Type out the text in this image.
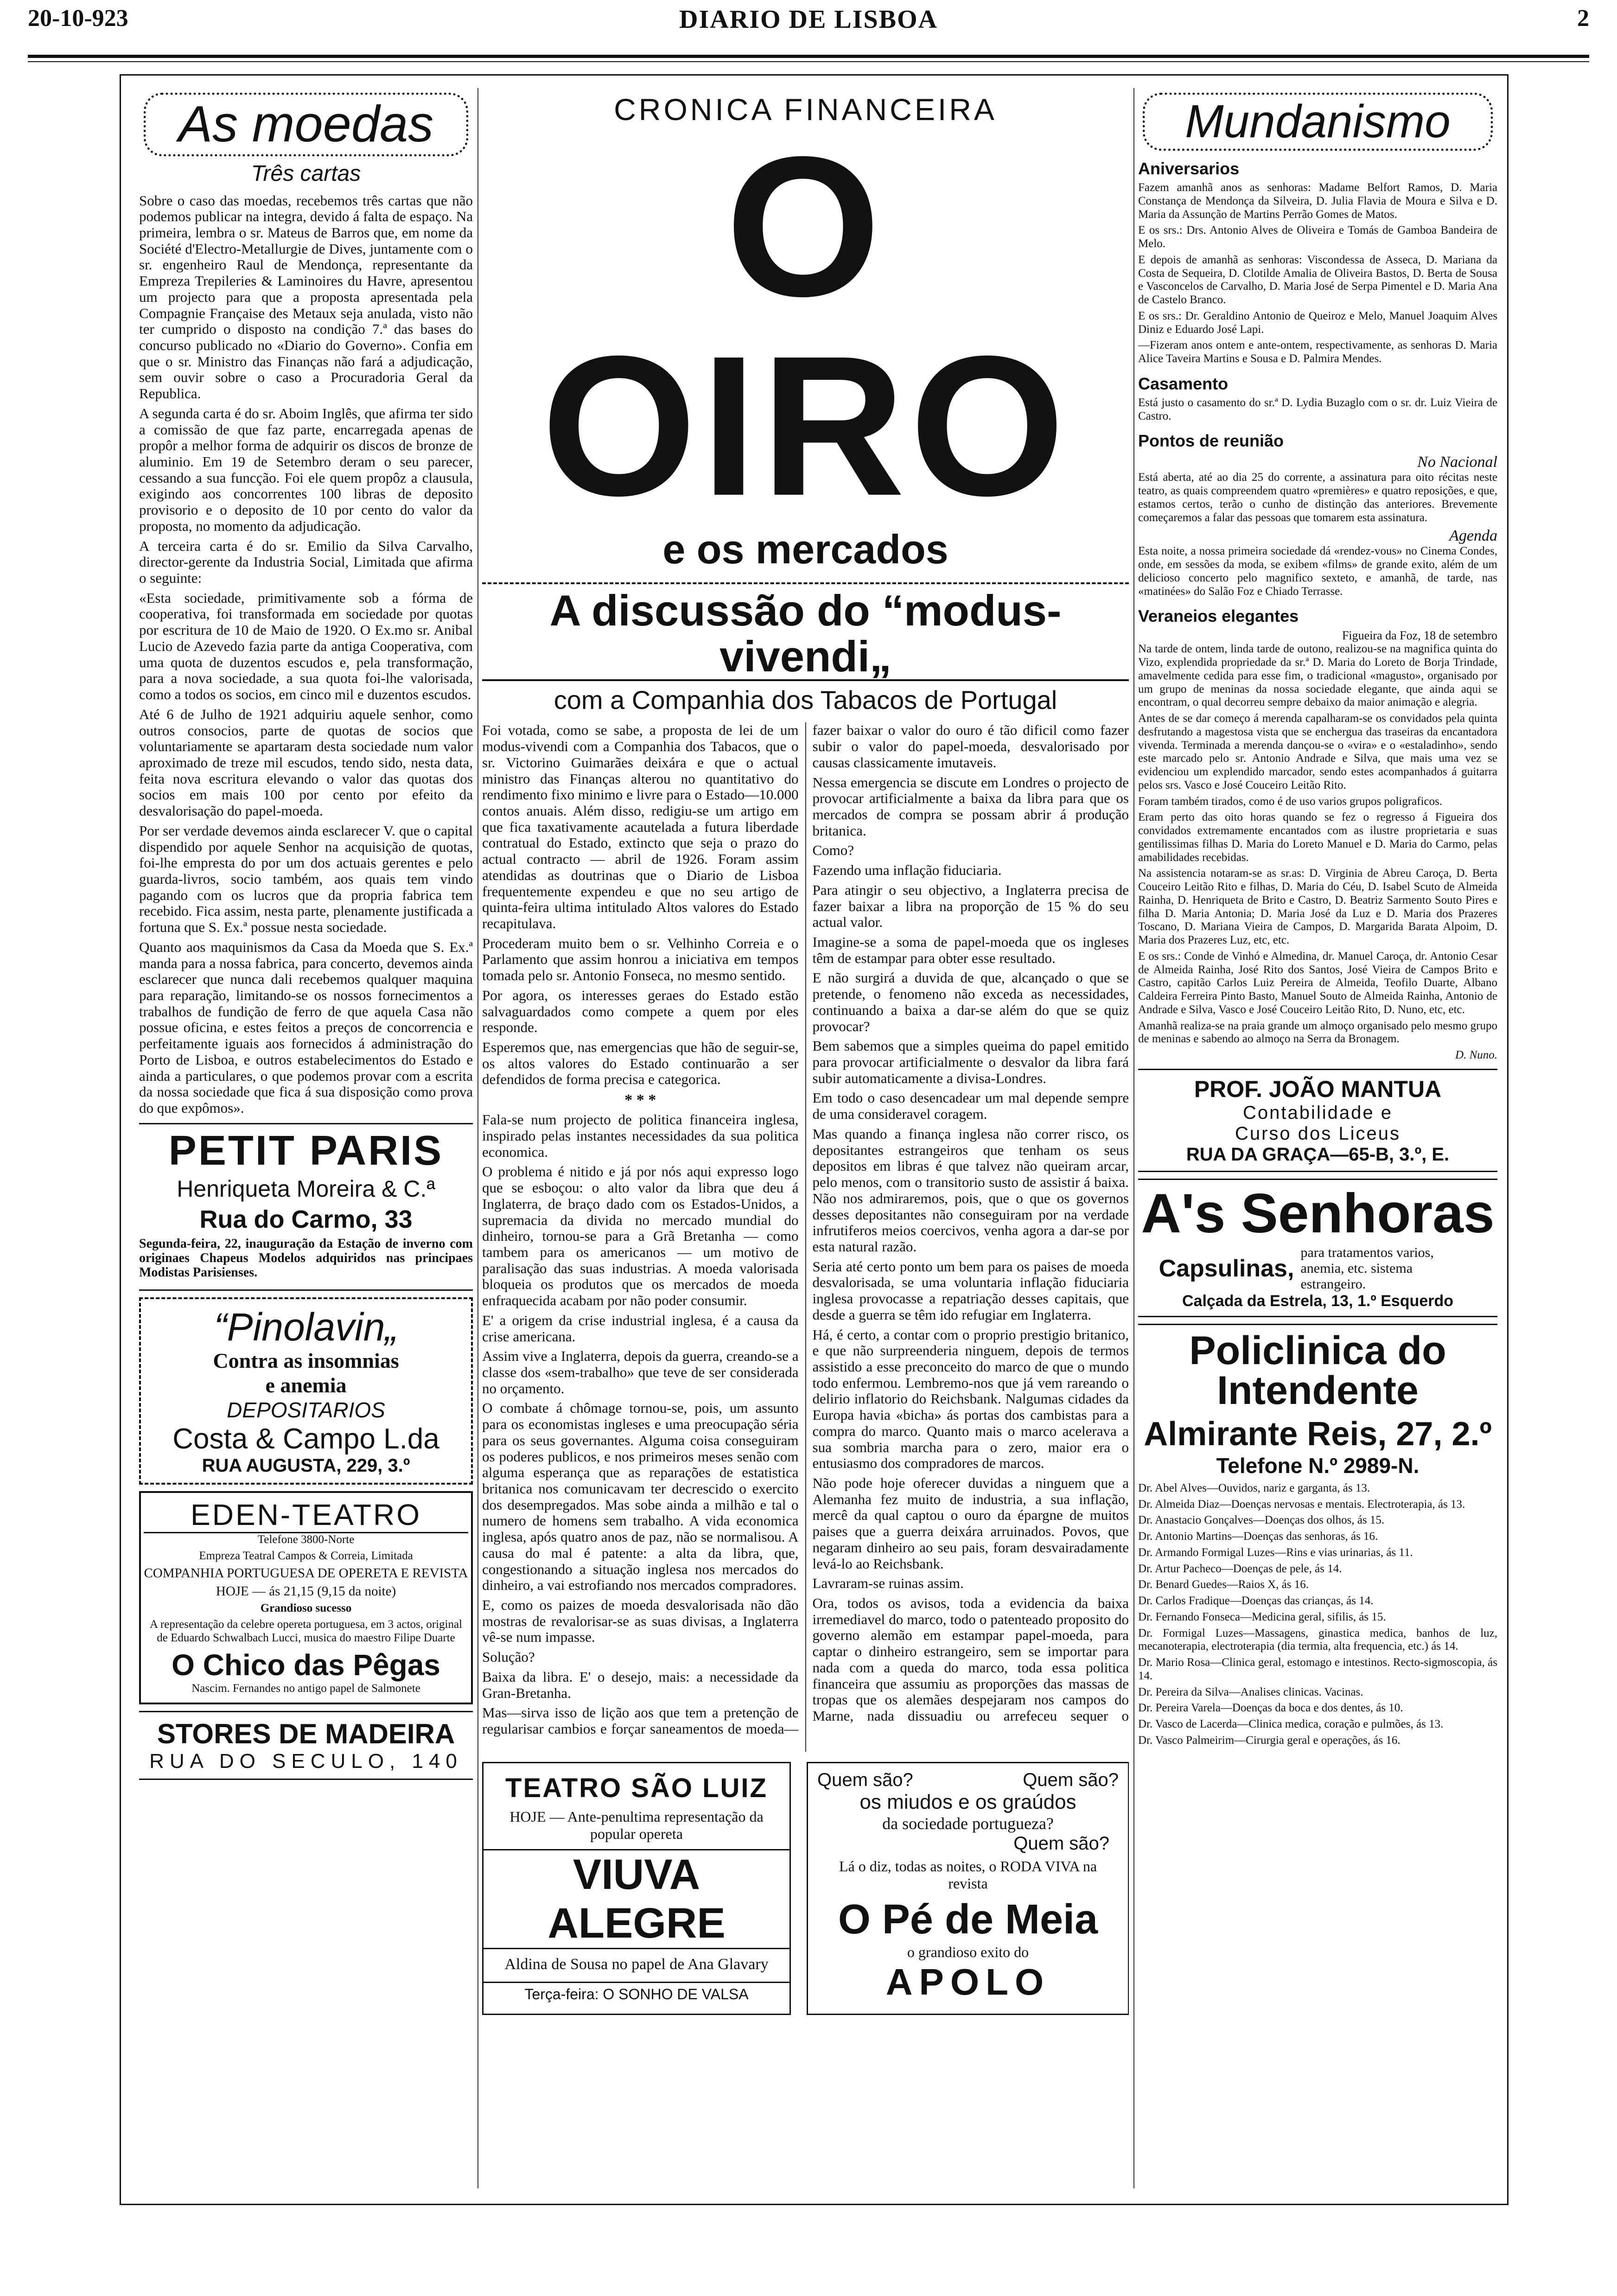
20-10-923	DIARIO DE LISBOA	2
As moedas
Três cartas

Sobre o caso das moedas, recebemos três cartas que não podemos publicar na integra, devido á falta de espaço. Na primeira, lembra o sr. Mateus de Barros que, em nome da Société d'Electro-Metallurgie de Dives, juntamente com o sr. engenheiro Raul de Mendonça, representante da Empreza Trepileries & Laminoires du Havre, apresentou um projecto para que a proposta apresentada pela Compagnie Française des Metaux seja anulada, visto não ter cumprido o disposto na condição 7.ª das bases do concurso publicado no «Diario do Governo». Confia em que o sr. Ministro das Finanças não fará a adjudicação, sem ouvir sobre o caso a Procuradoria Geral da Republica.

A segunda carta é do sr. Aboim Inglês, que afirma ter sido a comissão de que faz parte, encarregada apenas de propôr a melhor forma de adquirir os discos de bronze de aluminio. Em 19 de Setembro deram o seu parecer, cessando a sua funcção. Foi ele quem propôz a clausula, exigindo aos concorrentes 100 libras de deposito provisorio e o deposito de 10 por cento do valor da proposta, no momento da adjudicação.

A terceira carta é do sr. Emilio da Silva Carvalho, director-gerente da Industria Social, Limitada que afirma o seguinte:

«Esta sociedade, primitivamente sob a fórma de cooperativa, foi transformada em sociedade por quotas por escritura de 10 de Maio de 1920. O Ex.mo sr. Anibal Lucio de Azevedo fazia parte da antiga Cooperativa, com uma quota de duzentos escudos e, pela transformação, para a nova sociedade, a sua quota foi-lhe valorisada, como a todos os socios, em cinco mil e duzentos escudos.

Até 6 de Julho de 1921 adquiriu aquele senhor, como outros consocios, parte de quotas de socios que voluntariamente se apartaram desta sociedade num valor aproximado de treze mil escudos, tendo sido, nesta data, feita nova escritura elevando o valor das quotas dos socios em mais 100 por cento por efeito da desvalorisação do papel-moeda.

Por ser verdade devemos ainda esclarecer V. que o capital dispendido por aquele Senhor na acquisição de quotas, foi-lhe empresta do por um dos actuais gerentes e pelo guarda-livros, socio também, aos quais tem vindo pagando com os lucros que da propria fabrica tem recebido. Fica assim, nesta parte, plenamente justificada a fortuna que S. Ex.ª possue nesta sociedade.

Quanto aos maquinismos da Casa da Moeda que S. Ex.ª manda para a nossa fabrica, para concerto, devemos ainda esclarecer que nunca dali recebemos qualquer maquina para reparação, limitando-se os nossos fornecimentos a trabalhos de fundição de ferro de que aquela Casa não possue oficina, e estes feitos a preços de concorrencia e perfeitamente iguais aos fornecidos á administração do Porto de Lisboa, e outros estabelecimentos do Estado e ainda a particulares, o que podemos provar com a escrita da nossa sociedade que fica á sua disposição como prova do que expômos».

PETIT PARIS
Henriqueta Moreira & C.ª
Rua do Carmo, 33
Segunda-feira, 22, inauguração da Estação de inverno com originaes Chapeus Modelos adquiridos nas principaes Modistas Parisienses.
“Pinolavin„
Contra as insomnias
e anemia
DEPOSITARIOS
Costa & Campo L.da
RUA AUGUSTA, 229, 3.º
EDEN-TEATRO
Telefone 3800-Norte
Empreza Teatral Campos & Correia, Limitada
COMPANHIA PORTUGUESA DE OPERETA E REVISTA
HOJE — ás 21,15 (9,15 da noite)
Grandioso sucesso
A representação da celebre opereta portuguesa, em 3 actos, original de Eduardo Schwalbach Lucci, musica do maestro Filipe Duarte
O Chico das Pêgas
Nascim. Fernandes no antigo papel de Salmonete
STORES DE MADEIRA
RUA DO SECULO, 140
CRONICA FINANCEIRA
O OIRO
e os mercados
A discussão do “modus-vivendi„
com a Companhia dos Tabacos de Portugal

Foi votada, como se sabe, a proposta de lei de um modus-vivendi com a Companhia dos Tabacos, que o sr. Victorino Guimarães deixára e que o actual ministro das Finanças alterou no quantitativo do rendimento fixo minimo e livre para o Estado—10.000 contos anuais. Além disso, redigiu-se um artigo em que fica taxativamente acautelada a futura liberdade contratual do Estado, extincto que seja o prazo do actual contracto — abril de 1926. Foram assim atendidas as doutrinas que o Diario de Lisboa frequentemente expendeu e que no seu artigo de quinta-feira ultima intitulado Altos valores do Estado recapitulava.

Procederam muito bem o sr. Velhinho Correia e o Parlamento que assim honrou a iniciativa em tempos tomada pelo sr. Antonio Fonseca, no mesmo sentido.

Por agora, os interesses geraes do Estado estão salvaguardados como compete a quem por eles responde.

Esperemos que, nas emergencias que hão de seguir-se, os altos valores do Estado continuarão a ser defendidos de forma precisa e categorica.

* * *

Fala-se num projecto de politica financeira inglesa, inspirado pelas instantes necessidades da sua politica economica.

O problema é nitido e já por nós aqui expresso logo que se esboçou: o alto valor da libra que deu á Inglaterra, de braço dado com os Estados-Unidos, a supremacia da divida no mercado mundial do dinheiro, tornou-se para a Grã Bretanha — como tambem para os americanos — um motivo de paralisação das suas industrias. A moeda valorisada bloqueia os produtos que os mercados de moeda enfraquecida acabam por não poder consumir.

E' a origem da crise industrial inglesa, é a causa da crise americana.

Assim vive a Inglaterra, depois da guerra, creando-se a classe dos «sem-trabalho» que teve de ser considerada no orçamento.

O combate á chômage tornou-se, pois, um assunto para os economistas ingleses e uma preocupação séria para os seus governantes. Alguma coisa conseguiram os poderes publicos, e nos primeiros meses senão com alguma esperança que as reparações de estatistica britanica nos comunicavam ter decrescido o exercito dos desempregados. Mas sobe ainda a milhão e tal o numero de homens sem trabalho. A vida economica inglesa, após quatro anos de paz, não se normalisou. A causa do mal é patente: a alta da libra, que, congestionando a situação inglesa nos mercados do dinheiro, a vai estrofiando nos mercados compradores.

E, como os paizes de moeda desvalorisada não dão mostras de revalorisar-se as suas divisas, a Inglaterra vê-se num impasse.

Solução?

Baixa da libra. E' o desejo, mais: a necessidade da Gran-Bretanha.

Mas—sirva isso de lição aos que tem a pretenção de regularisar cambios e forçar saneamentos de moeda—fazer baixar o valor do ouro é tão dificil como fazer subir o valor do papel-moeda, desvalorisado por causas classicamente imutaveis.

Nessa emergencia se discute em Londres o projecto de provocar artificialmente a baixa da libra para que os mercados de compra se possam abrir á produção britanica.

Como?

Fazendo uma inflação fiduciaria.

Para atingir o seu objectivo, a Inglaterra precisa de fazer baixar a libra na proporção de 15 % do seu actual valor.

Imagine-se a soma de papel-moeda que os ingleses têm de estampar para obter esse resultado.

E não surgirá a duvida de que, alcançado o que se pretende, o fenomeno não exceda as necessidades, continuando a baixa a dar-se além do que se quiz provocar?

Bem sabemos que a simples queima do papel emitido para provocar artificialmente o desvalor da libra fará subir automaticamente a divisa-Londres.

Em todo o caso desencadear um mal depende sempre de uma consideravel coragem.

Mas quando a finança inglesa não correr risco, os depositantes estrangeiros que tenham os seus depositos em libras é que talvez não queiram arcar, pelo menos, com o transitorio susto de assistir á baixa. Não nos admiraremos, pois, que o que os governos desses depositantes não conseguiram por na verdade infrutiferos meios coercivos, venha agora a dar-se por esta natural razão.

Seria até certo ponto um bem para os paises de moeda desvalorisada, se uma voluntaria inflação fiduciaria inglesa provocasse a repatriação desses capitais, que desde a guerra se têm ido refugiar em Inglaterra.

Há, é certo, a contar com o proprio prestigio britanico, e que não surpreenderia ninguem, depois de termos assistido a esse preconceito do marco de que o mundo todo enfermou. Lembremo-nos que já vem rareando o delirio inflatorio do Reichsbank. Nalgumas cidades da Europa havia «bicha» ás portas dos cambistas para a compra do marco. Quanto mais o marco acelerava a sua sombria marcha para o zero, maior era o entusiasmo dos compradores de marcos.

Não pode hoje oferecer duvidas a ninguem que a Alemanha fez muito de industria, a sua inflação, mercê da qual captou o ouro da épargne de muitos paises que a guerra deixára arruinados. Povos, que negaram dinheiro ao seu pais, foram desvairadamente levá-lo ao Reichsbank.

Lavraram-se ruinas assim.

Ora, todos os avisos, toda a evidencia da baixa irremediavel do marco, todo o patenteado proposito do governo alemão em estampar papel-moeda, para captar o dinheiro estrangeiro, sem se importar para nada com a queda do marco, toda essa politica financeira que assumiu as proporções das massas de tropas que os alemães despejaram nos campos do Marne, nada dissuadiu ou arrefeceu sequer o

TEATRO SÃO LUIZ
HOJE — Ante-penultima representação da popular opereta
VIUVA ALEGRE
Aldina de Sousa no papel de Ana Glavary
Terça-feira: O SONHO DE VALSA
Quem são?	Quem são?
os miudos e os graúdos
da sociedade portugueza?
Quem são?
Lá o diz, todas as noites, o RODA VIVA na revista
O Pé de Meia
o grandioso exito do
APOLO
Mundanismo
Aniversarios

Fazem amanhã anos as senhoras: Madame Belfort Ramos, D. Maria Constança de Mendonça da Silveira, D. Julia Flavia de Moura e Silva e D. Maria da Assunção de Martins Perrão Gomes de Matos.

E os srs.: Drs. Antonio Alves de Oliveira e Tomás de Gamboa Bandeira de Melo.

E depois de amanhã as senhoras: Viscondessa de Asseca, D. Mariana da Costa de Sequeira, D. Clotilde Amalia de Oliveira Bastos, D. Berta de Sousa e Vasconcelos de Carvalho, D. Maria José de Serpa Pimentel e D. Maria Ana de Castelo Branco.

E os srs.: Dr. Geraldino Antonio de Queiroz e Melo, Manuel Joaquim Alves Diniz e Eduardo José Lapi.

—Fizeram anos ontem e ante-ontem, respectivamente, as senhoras D. Maria Alice Taveira Martins e Sousa e D. Palmira Mendes.

Casamento

Está justo o casamento do sr.ª D. Lydia Buzaglo com o sr. dr. Luiz Vieira de Castro.

Pontos de reunião
No Nacional

Está aberta, até ao dia 25 do corrente, a assinatura para oito récitas neste teatro, as quais compreendem quatro «premières» e quatro reposições, e que, estamos certos, terão o cunho de distinção das anteriores. Brevemente começaremos a falar das pessoas que tomarem esta assinatura.

Agenda

Esta noite, a nossa primeira sociedade dá «rendez-vous» no Cinema Condes, onde, em sessões da moda, se exibem «films» de grande exito, além de um delicioso concerto pelo magnifico sexteto, e amanhã, de tarde, nas «matinées» do Salão Foz e Chiado Terrasse.

Veraneios elegantes
Figueira da Foz, 18 de setembro

Na tarde de ontem, linda tarde de outono, realizou-se na magnifica quinta do Vizo, explendida propriedade da sr.ª D. Maria do Loreto de Borja Trindade, amavelmente cedida para esse fim, o tradicional «magusto», organisado por um grupo de meninas da nossa sociedade elegante, que ainda aqui se encontram, o qual decorreu sempre debaixo da maior animação e alegria.

Antes de se dar começo á merenda capalharam-se os convidados pela quinta desfrutando a magestosa vista que se enchergua das traseiras da encantadora vivenda. Terminada a merenda dançou-se o «vira» e o «estaladinho», sendo este marcado pelo sr. Antonio Andrade e Silva, que mais uma vez se evidenciou um explendido marcador, sendo estes acompanhados á guitarra pelos srs. Vasco e José Couceiro Leitão Rito.

Foram também tirados, como é de uso varios grupos poligraficos.

Eram perto das oito horas quando se fez o regresso á Figueira dos convidados extremamente encantados com as ilustre proprietaria e suas gentilissimas filhas D. Maria do Loreto Manuel e D. Maria do Carmo, pelas amabilidades recebidas.

Na assistencia notaram-se as sr.as: D. Virginia de Abreu Caroça, D. Berta Couceiro Leitão Rito e filhas, D. Maria do Céu, D. Isabel Scuto de Almeida Rainha, D. Henriqueta de Brito e Castro, D. Beatriz Sarmento Souto Pires e filha D. Maria Antonia; D. Maria José da Luz e D. Maria dos Prazeres Toscano, D. Mariana Vieira de Campos, D. Margarida Barata Alpoim, D. Maria dos Prazeres Luz, etc, etc.

E os srs.: Conde de Vinhó e Almedina, dr. Manuel Caroça, dr. Antonio Cesar de Almeida Rainha, José Rito dos Santos, José Vieira de Campos Brito e Castro, capitão Carlos Luiz Pereira de Almeida, Teofilo Duarte, Albano Caldeira Ferreira Pinto Basto, Manuel Souto de Almeida Rainha, Antonio de Andrade e Silva, Vasco e José Couceiro Leitão Rito, D. Nuno, etc, etc.

Amanhã realiza-se na praia grande um almoço organisado pelo mesmo grupo de meninas e sabendo ao almoço na Serra da Bronagem.

D. Nuno.

PROF. JOÃO MANTUA
Contabilidade e
Curso dos Liceus
RUA DA GRAÇA—65-B, 3.º, E.
A's Senhoras
Capsulinas,
para tratamentos varios, anemia, etc. sistema estrangeiro.
Calçada da Estrela, 13, 1.º Esquerdo
Policlinica do Intendente
Almirante Reis, 27, 2.º
Telefone N.º 2989-N.

Dr. Abel Alves—Ouvidos, nariz e garganta, ás 13.

Dr. Almeida Diaz—Doenças nervosas e mentais. Electroterapia, ás 13.

Dr. Anastacio Gonçalves—Doenças dos olhos, ás 15.

Dr. Antonio Martins—Doenças das senhoras, ás 16.

Dr. Armando Formigal Luzes—Rins e vias urinarias, ás 11.

Dr. Artur Pacheco—Doenças de pele, ás 14.

Dr. Benard Guedes—Raios X, ás 16.

Dr. Carlos Fradique—Doenças das crianças, ás 14.

Dr. Fernando Fonseca—Medicina geral, sifilis, ás 15.

Dr. Formigal Luzes—Massagens, ginastica medica, banhos de luz, mecanoterapia, electroterapia (dia termia, alta frequencia, etc.) ás 14.

Dr. Mario Rosa—Clinica geral, estomago e intestinos. Recto-sigmoscopia, ás 14.

Dr. Pereira da Silva—Analises clinicas. Vacinas.

Dr. Pereira Varela—Doenças da boca e dos dentes, ás 10.

Dr. Vasco de Lacerda—Clinica medica, coração e pulmões, ás 13.

Dr. Vasco Palmeirim—Cirurgia geral e operações, ás 16.
